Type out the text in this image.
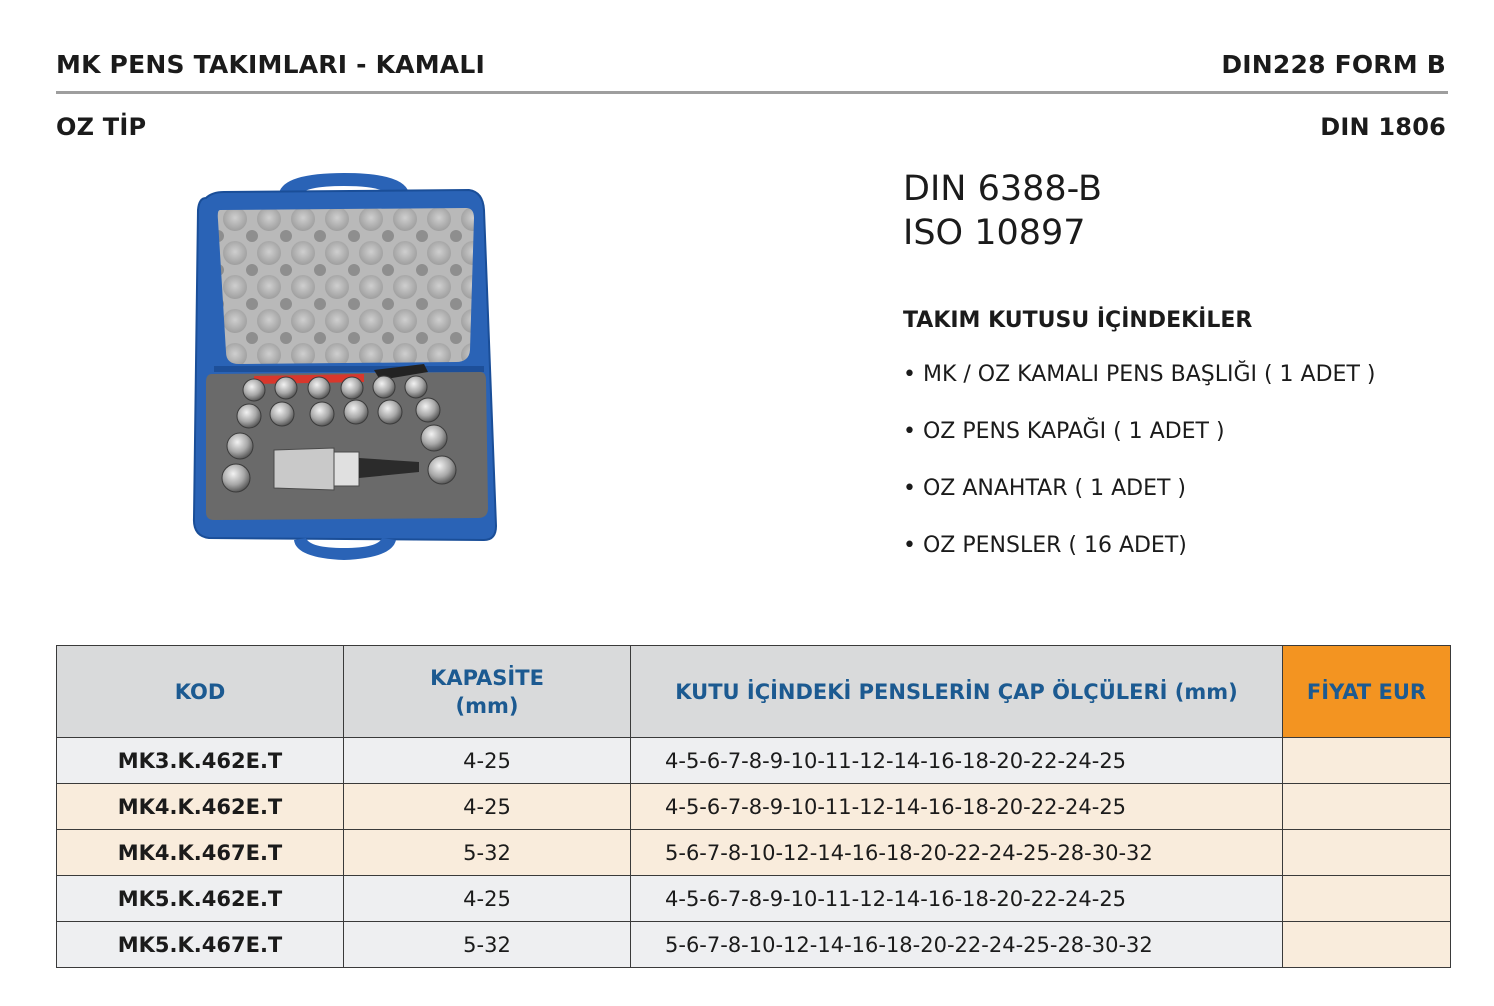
MK PENS TAKIMLARI - KAMALI	DIN228 FORM B
OZ TİP	DIN 1806
DIN 6388-B
ISO 10897
TAKIM KUTUSU İÇİNDEKİLER
• MK / OZ KAMALI PENS BAŞLIĞI ( 1 ADET )
• OZ PENS KAPAĞI ( 1 ADET )
• OZ ANAHTAR ( 1 ADET )
• OZ PENSLER ( 16 ADET)
KOD	KAPASİTE
(mm)	KUTU İÇİNDEKİ PENSLERİN ÇAP ÖLÇÜLERİ (mm)	FİYAT EUR
MK3.K.462E.T	4-25	4-5-6-7-8-9-10-11-12-14-16-18-20-22-24-25	
MK4.K.462E.T	4-25	4-5-6-7-8-9-10-11-12-14-16-18-20-22-24-25	
MK4.K.467E.T	5-32	5-6-7-8-10-12-14-16-18-20-22-24-25-28-30-32	
MK5.K.462E.T	4-25	4-5-6-7-8-9-10-11-12-14-16-18-20-22-24-25	
MK5.K.467E.T	5-32	5-6-7-8-10-12-14-16-18-20-22-24-25-28-30-32	
